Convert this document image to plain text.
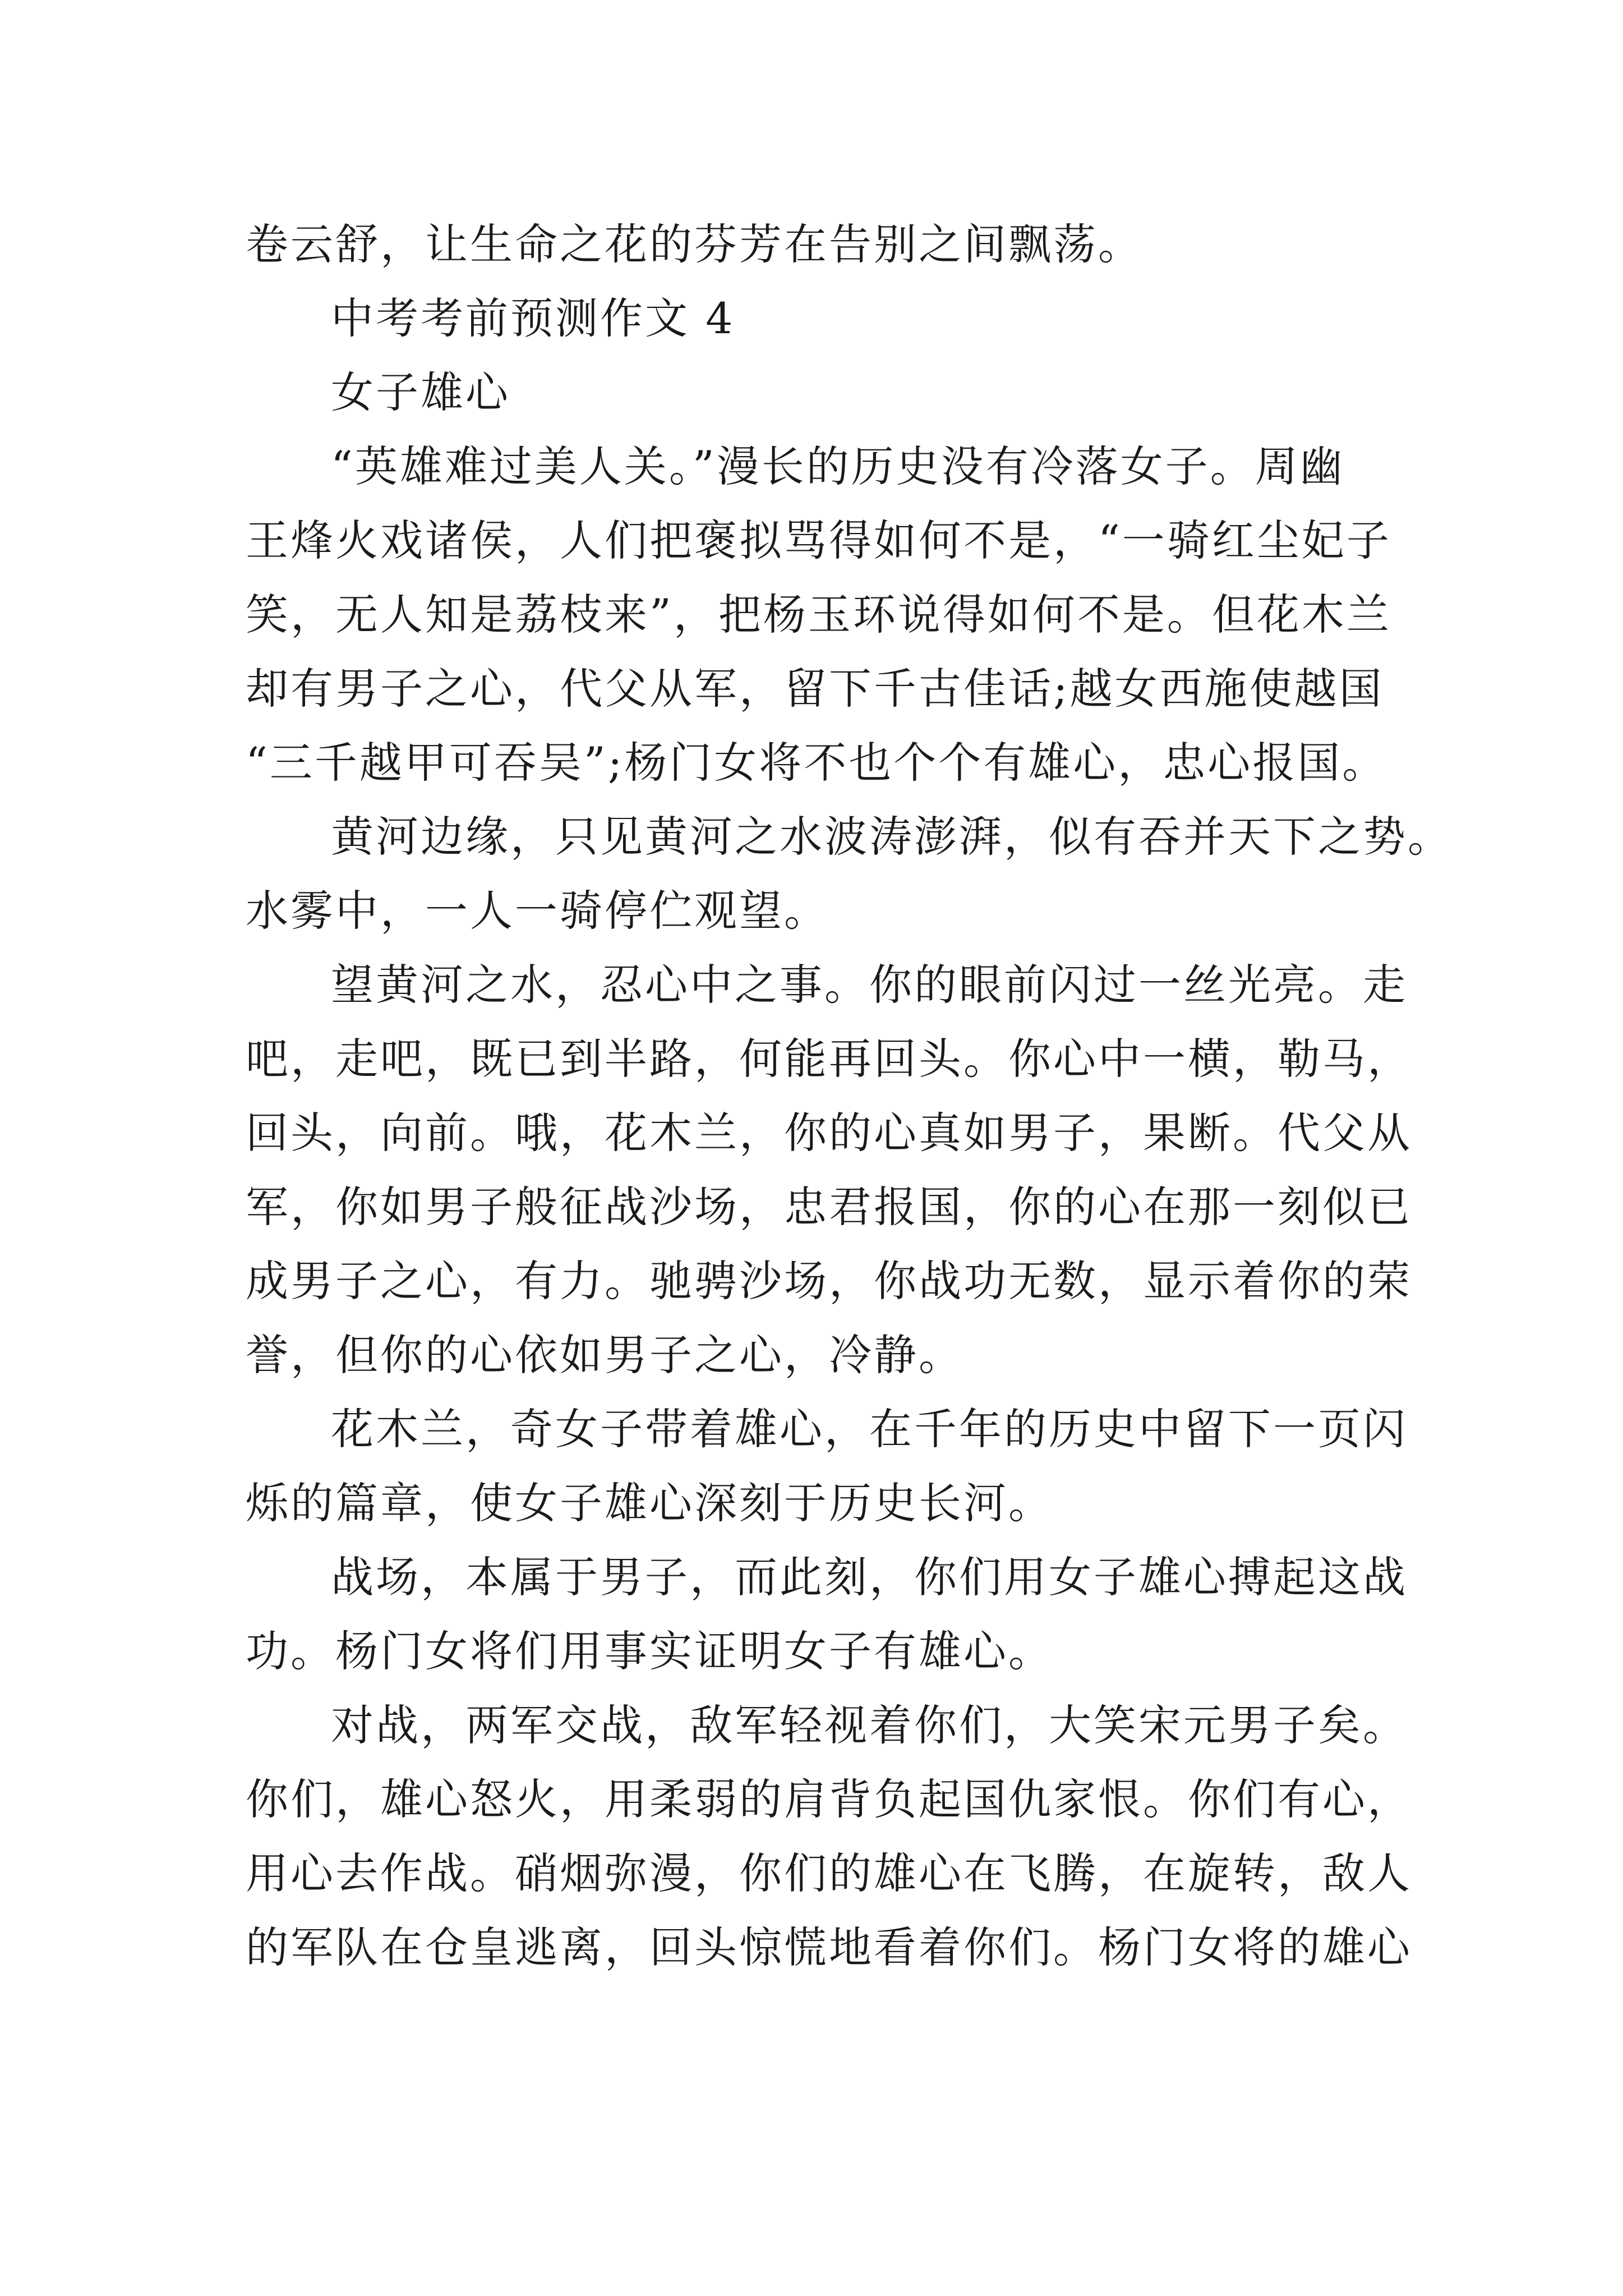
卷云舒，让生命之花的芬芳在告别之间飘荡。
中考考前预测作文 4
女子雄心
“英雄难过美人关。”漫长的历史没有冷落女子。周幽
王烽火戏诸侯，人们把褒拟骂得如何不是，“一骑红尘妃子
笑，无人知是荔枝来”，把杨玉环说得如何不是。但花木兰
却有男子之心，代父从军，留下千古佳话;越女西施使越国
“三千越甲可吞吴”;杨门女将不也个个有雄心，忠心报国。
黄河边缘，只见黄河之水波涛澎湃，似有吞并天下之势。
水雾中，一人一骑停伫观望。
望黄河之水，忍心中之事。你的眼前闪过一丝光亮。走
吧，走吧，既已到半路，何能再回头。你心中一横，勒马，
回头，向前。哦，花木兰，你的心真如男子，果断。代父从
军，你如男子般征战沙场，忠君报国，你的心在那一刻似已
成男子之心，有力。驰骋沙场，你战功无数，显示着你的荣
誉，但你的心依如男子之心，冷静。
花木兰，奇女子带着雄心，在千年的历史中留下一页闪
烁的篇章，使女子雄心深刻于历史长河。
战场，本属于男子，而此刻，你们用女子雄心搏起这战
功。杨门女将们用事实证明女子有雄心。
对战，两军交战，敌军轻视着你们，大笑宋元男子矣。
你们，雄心怒火，用柔弱的肩背负起国仇家恨。你们有心，
用心去作战。硝烟弥漫，你们的雄心在飞腾，在旋转，敌人
的军队在仓皇逃离，回头惊慌地看着你们。杨门女将的雄心
